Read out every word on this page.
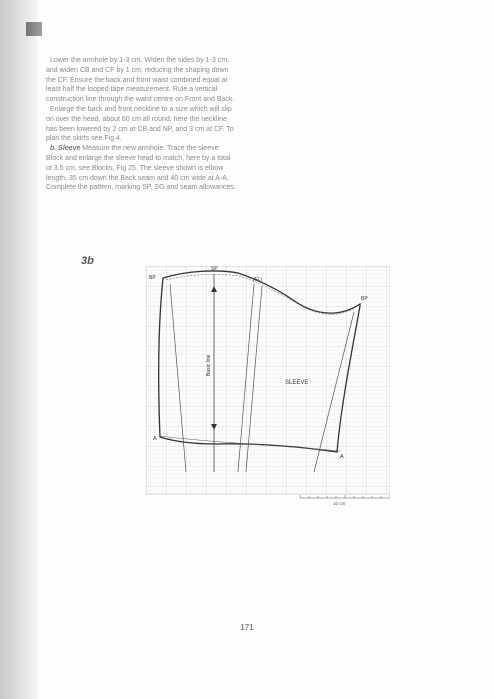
Lower the armhole by 1-3 cm. Widen the sides by 1-3 cm, and widen CB and CF by 1 cm, reducing the shaping down the CF. Ensure the back and front waist combined equal at least half the looped tape measurement. Rule a vertical construction line through the waist centre on Front and Back.

Enlarge the back and front neckline to a size which will slip on over the head, about 60 cm all round; here the neckline has been lowered by 2 cm at CB and NP, and 3 cm at CF. To plan the skirts see Fig 4.

b. Sleeve Measure the new armhole. Trace the sleeve Block and enlarge the sleeve head to match, here by a total of 3.5 cm, see Blocks, Fig 25. The sleeve shown is elbow length, 35 cm down the Back seam and 40 cm wide at A-A. Complete the pattern, marking SP, SG and seam allowances.

3b
BP
SP
(FL)
BP
Basic line
SLEEVE
A
A
10 cm
171
